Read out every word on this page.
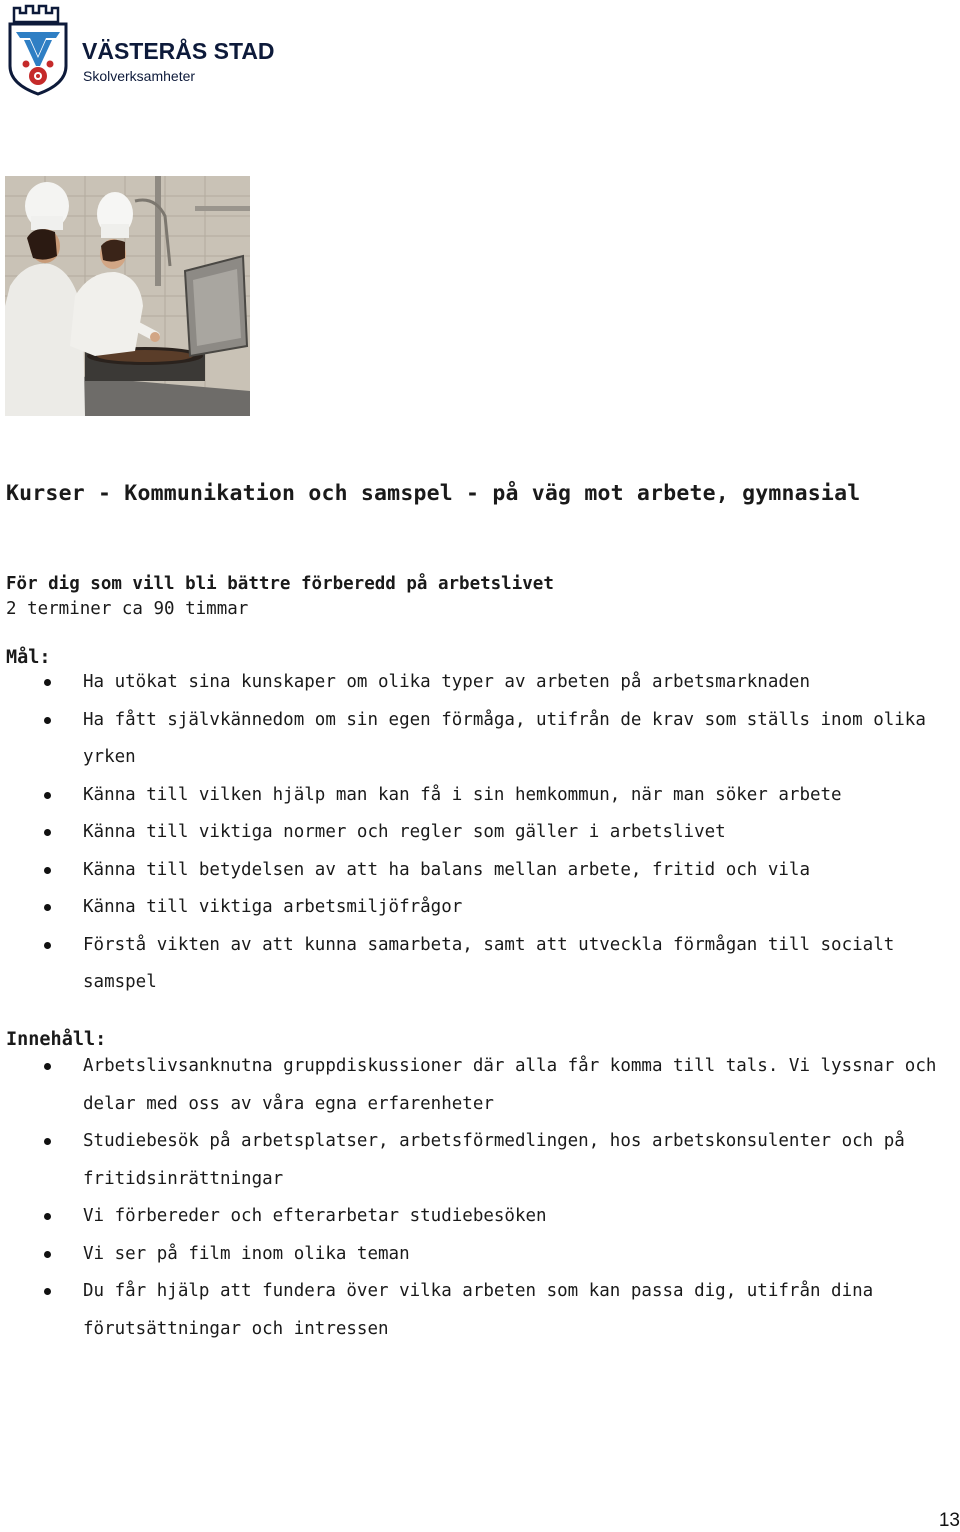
VÄSTERÅS STAD
Skolverksamheter
Kurser - Kommunikation och samspel - på väg mot arbete, gymnasial

För dig som vill bli bättre förberedd på arbetslivet

2 terminer ca 90 timmar

Mål:
Ha utökat sina kunskaper om olika typer av arbeten på arbetsmarknaden
Ha fått självkännedom om sin egen förmåga, utifrån de krav som ställs inom olika yrken
Känna till vilken hjälp man kan få i sin hemkommun, när man söker arbete
Känna till viktiga normer och regler som gäller i arbetslivet
Känna till betydelsen av att ha balans mellan arbete, fritid och vila
Känna till viktiga arbetsmiljöfrågor
Förstå vikten av att kunna samarbeta, samt att utveckla förmågan till socialt samspel
Innehåll:
Arbetslivsanknutna gruppdiskussioner där alla får komma till tals. Vi lyssnar och delar med oss av våra egna erfarenheter
Studiebesök på arbetsplatser, arbetsförmedlingen, hos arbetskonsulenter och på fritidsinrättningar
Vi förbereder och efterarbetar studiebesöken
Vi ser på film inom olika teman
Du får hjälp att fundera över vilka arbeten som kan passa dig, utifrån dina förutsättningar och intressen
13
